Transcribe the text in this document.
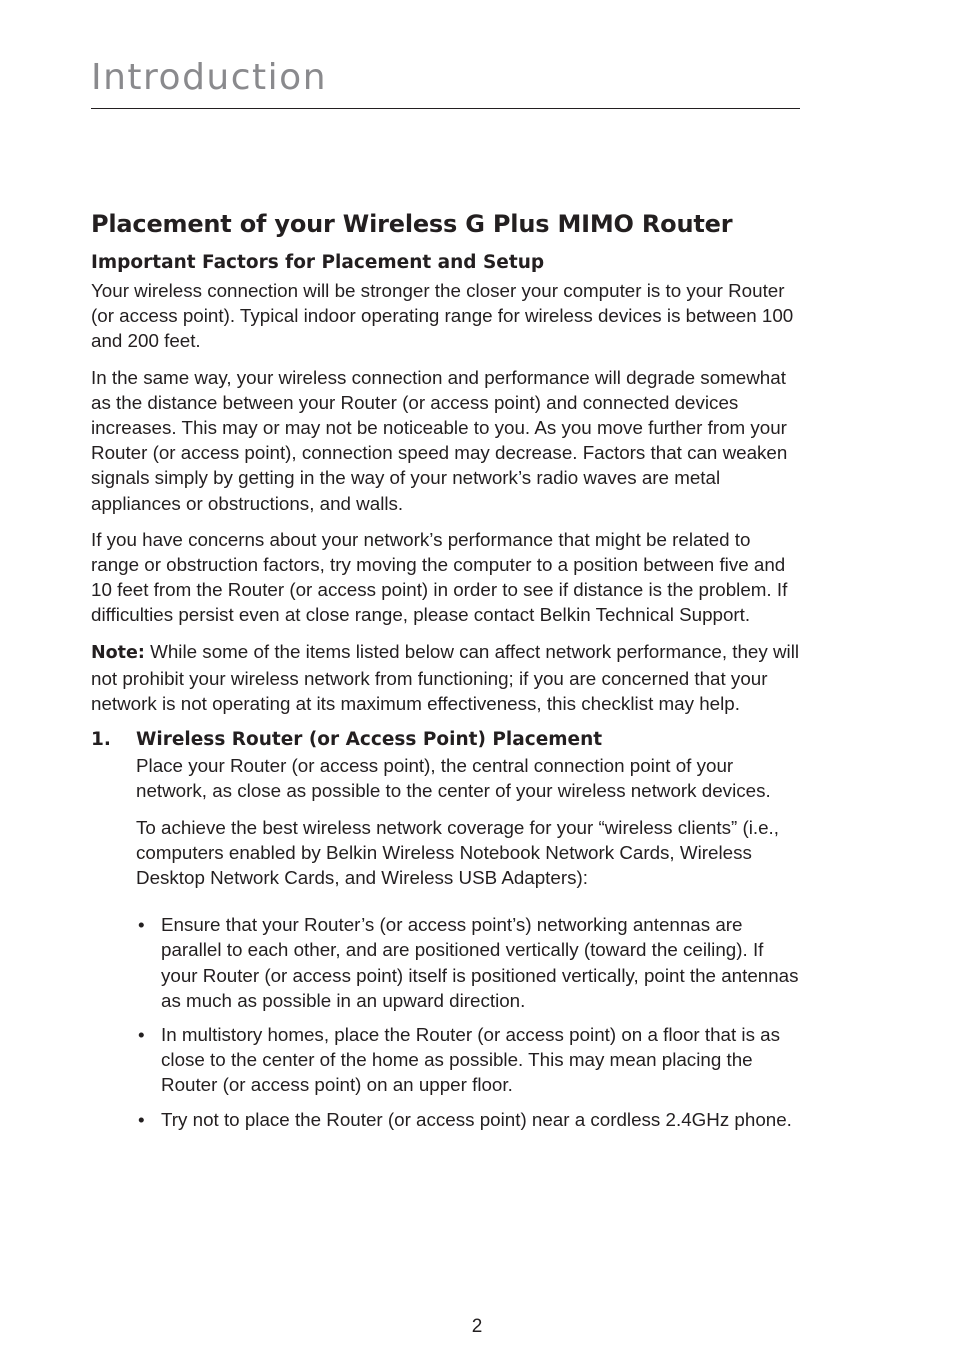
Introduction
Placement of your Wireless G Plus MIMO Router
Important Factors for Placement and Setup

Your wireless connection will be stronger the closer your computer is to your Router (or access point). Typical indoor operating range for wireless devices is between 100 and 200 feet.

In the same way, your wireless connection and performance will degrade somewhat as the distance between your Router (or access point) and connected devices increases. This may or may not be noticeable to you. As you move further from your Router (or access point), connection speed may decrease. Factors that can weaken signals simply by getting in the way of your network’s radio waves are metal appliances or obstructions, and walls.

If you have concerns about your network’s performance that might be related to range or obstruction factors, try moving the computer to a position between five and 10 feet from the Router (or access point) in order to see if distance is the problem. If difficulties persist even at close range, please contact Belkin Technical Support.

Note: While some of the items listed below can affect network performance, they will not prohibit your wireless network from functioning; if you are concerned that your network is not operating at its maximum effectiveness, this checklist may help.

1. Wireless Router (or Access Point) Placement

Place your Router (or access point), the central connection point of your network, as close as possible to the center of your wireless network devices.

To achieve the best wireless network coverage for your “wireless clients” (i.e., computers enabled by Belkin Wireless Notebook Network Cards, Wireless Desktop Network Cards, and Wireless USB Adapters):

• Ensure that your Router’s (or access point’s) networking antennas are parallel to each other, and are positioned vertically (toward the ceiling). If your Router (or access point) itself is positioned vertically, point the antennas as much as possible in an upward direction.
• In multistory homes, place the Router (or access point) on a floor that is as close to the center of the home as possible. This may mean placing the Router (or access point) on an upper floor.
• Try not to place the Router (or access point) near a cordless 2.4GHz phone.
2
